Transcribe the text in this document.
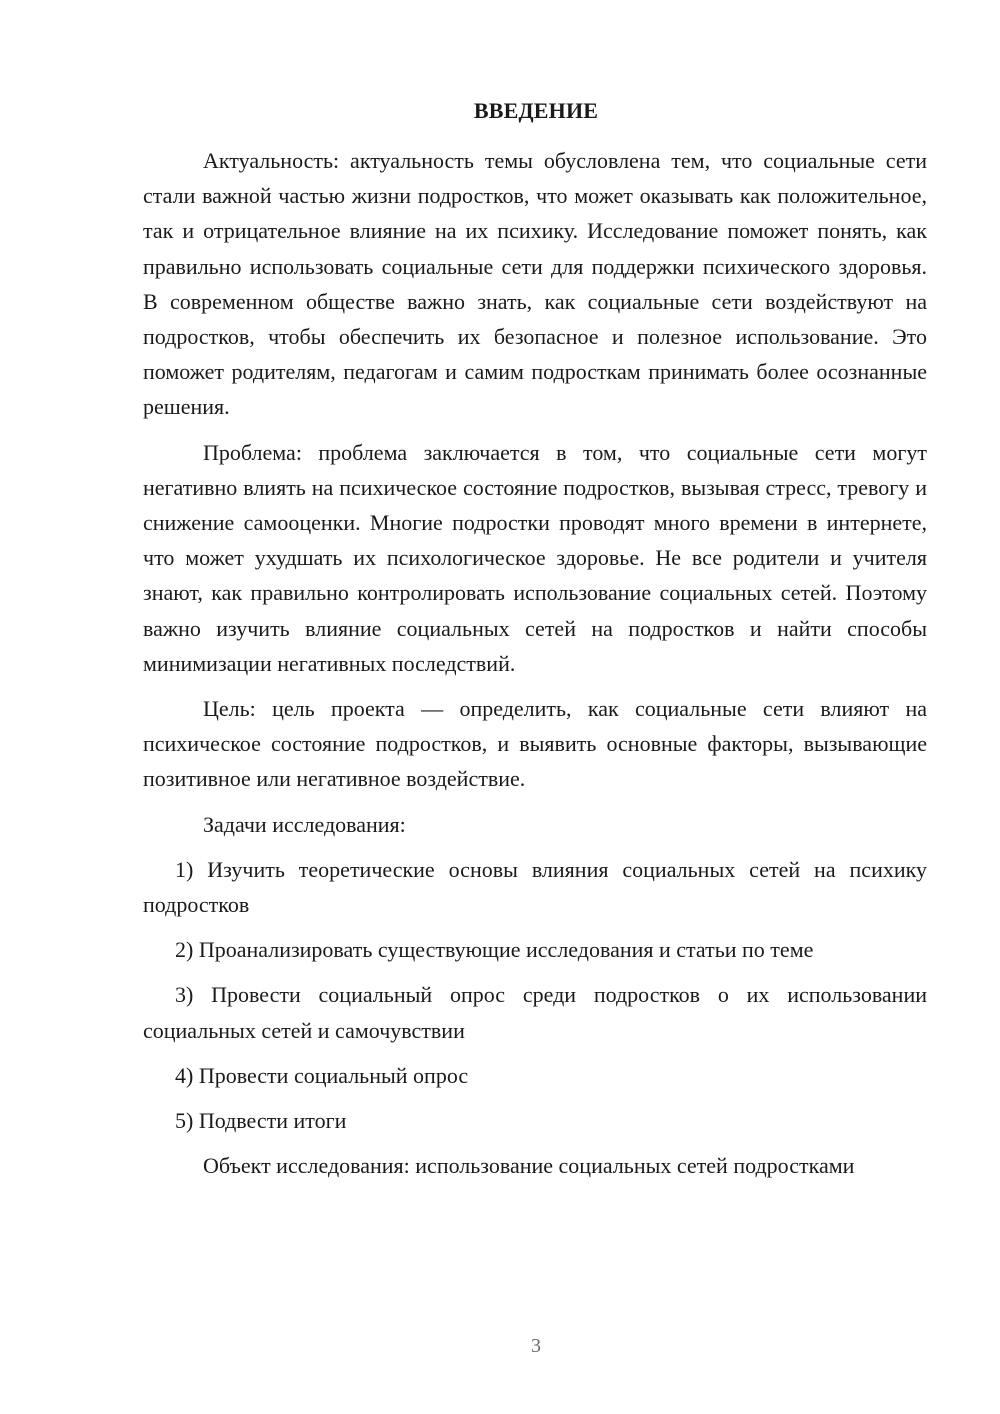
ВВЕДЕНИЕ

Актуальность: актуальность темы обусловлена тем, что социальные сети стали важной частью жизни подростков, что может оказывать как положительное, так и отрицательное влияние на их психику. Исследование поможет понять, как правильно использовать социальные сети для поддержки психического здоровья. В современном обществе важно знать, как социальные сети воздействуют на подростков, чтобы обеспечить их безопасное и полезное использование. Это поможет родителям, педагогам и самим подросткам принимать более осознанные решения.

Проблема: проблема заключается в том, что социальные сети могут негативно влиять на психическое состояние подростков, вызывая стресс, тревогу и снижение самооценки. Многие подростки проводят много времени в интернете, что может ухудшать их психологическое здоровье. Не все родители и учителя знают, как правильно контролировать использование социальных сетей. Поэтому важно изучить влияние социальных сетей на подростков и найти способы минимизации негативных последствий.

Цель: цель проекта — определить, как социальные сети влияют на психическое состояние подростков, и выявить основные факторы, вызывающие позитивное или негативное воздействие.

Задачи исследования:

1) Изучить теоретические основы влияния социальных сетей на психику подростков

2) Проанализировать существующие исследования и статьи по теме

3) Провести социальный опрос среди подростков о их использовании социальных сетей и самочувствии

4) Провести социальный опрос

5) Подвести итоги

Объект исследования: использование социальных сетей подростками

3
